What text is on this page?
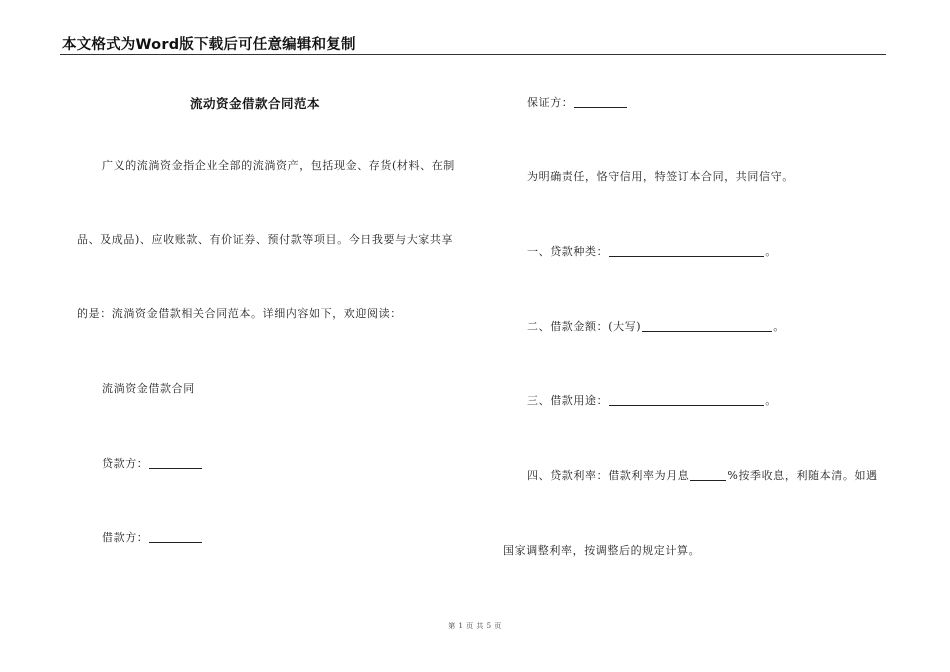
本文格式为Word版下载后可任意编辑和复制
流动资金借款合同范本
广义的流淌资金指企业全部的流淌资产，包括现金、存货(材料、在制
品、及成品)、应收账款、有价证券、预付款等项目。今日我要与大家共享
的是：流淌资金借款相关合同范本。详细内容如下，欢迎阅读：
流淌资金借款合同
贷款方：
借款方：
保证方：
为明确责任，恪守信用，特签订本合同，共同信守。
一、贷款种类：	。
二、借款金额：(大写)	。
三、借款用途：	。
四、贷款利率：借款利率为月息	%按季收息，利随本清。如遇
国家调整利率，按调整后的规定计算。
第 1 页 共 5 页
